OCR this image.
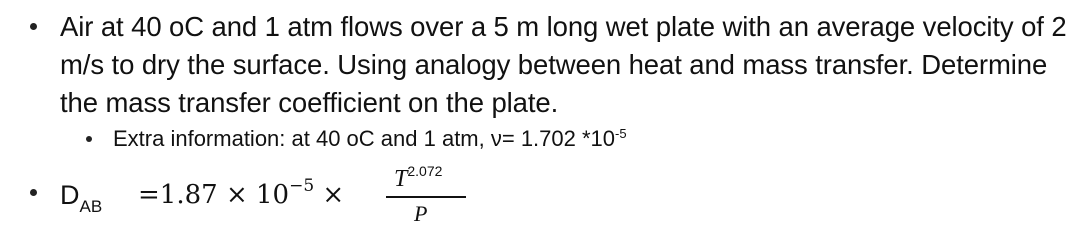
Air at 40 oC and 1 atm flows over a 5 m long wet plate with an average velocity of 2 m/s to dry the surface. Using analogy between heat and mass transfer. Determine the mass transfer coefficient on the plate.
Extra information: at 40 oC and 1 atm, ν= 1.702 $*10^{-5}$
$D_{AB} =1.87 \times 10^{-5}$ ×
$T^{2.072}$
P
